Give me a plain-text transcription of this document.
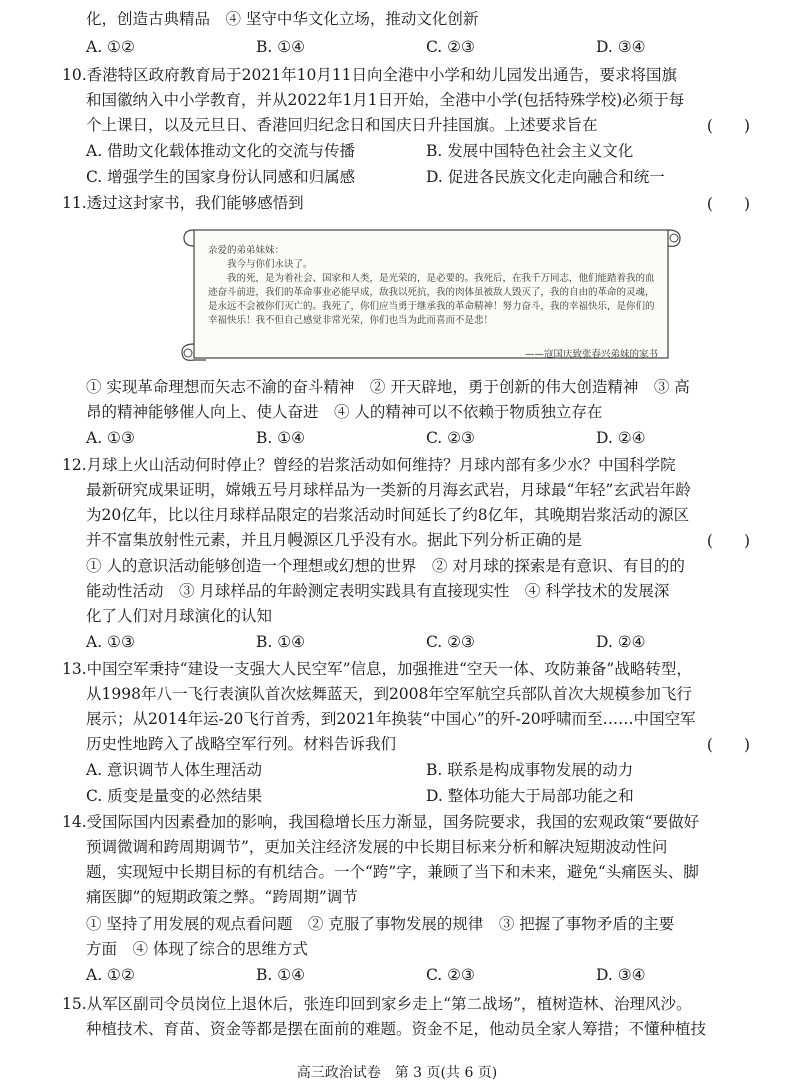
化，创造古典精品　④ 坚守中华文化立场，推动文化创新
10.香港特区政府教育局于2021年10月11日向全港中小学和幼儿园发出通告，要求将国旗
和国徽纳入中小学教育，并从2022年1月1日开始，全港中小学(包括特殊学校)必须于每
个上课日，以及元旦日、香港回归纪念日和国庆日升挂国旗。上述要求旨在
11.透过这封家书，我们能够感悟到
① 实现革命理想而矢志不渝的奋斗精神　② 开天辟地，勇于创新的伟大创造精神　③ 高
昂的精神能够催人向上、使人奋进　④ 人的精神可以不依赖于物质独立存在
12.月球上火山活动何时停止？曾经的岩浆活动如何维持？月球内部有多少水？中国科学院
最新研究成果证明，嫦娥五号月球样品为一类新的月海玄武岩，月球最“年轻”玄武岩年龄
为20亿年，比以往月球样品限定的岩浆活动时间延长了约8亿年，其晚期岩浆活动的源区
并不富集放射性元素，并且月幔源区几乎没有水。据此下列分析正确的是
① 人的意识活动能够创造一个理想或幻想的世界　② 对月球的探索是有意识、有目的的
能动性活动　③ 月球样品的年龄测定表明实践具有直接现实性　④ 科学技术的发展深
化了人们对月球演化的认知
13.中国空军秉持“建设一支强大人民空军”信息，加强推进“空天一体、攻防兼备”战略转型，
从1998年八一飞行表演队首次炫舞蓝天，到2008年空军航空兵部队首次大规模参加飞行
展示；从2014年运-20飞行首秀，到2021年换装“中国心”的歼-20呼啸而至……中国空军
历史性地跨入了战略空军行列。材料告诉我们
14.受国际国内因素叠加的影响，我国稳增长压力渐显，国务院要求，我国的宏观政策“要做好
预调微调和跨周期调节”，更加关注经济发展的中长期目标来分析和解决短期波动性问
题，实现短中长期目标的有机结合。一个“跨”字，兼顾了当下和未来，避免“头痛医头、脚
痛医脚”的短期政策之弊。“跨周期”调节
① 坚持了用发展的观点看问题　② 克服了事物发展的规律　③ 把握了事物矛盾的主要
方面　④ 体现了综合的思维方式
15.从军区副司令员岗位上退休后，张连印回到家乡走上“第二战场”，植树造林、治理风沙。
种植技术、育苗、资金等都是摆在面前的难题。资金不足，他动员全家人筹措；不懂种植技
(　　)
(　　)
(　　)
(　　)
A. ①②	B. ①④	C. ②③	D. ③④
A. 借助文化载体推动文化的交流与传播	B. 发展中国特色社会主义文化
C. 增强学生的国家身份认同感和归属感	D. 促进各民族文化走向融合和统一
A. ①③	B. ①④	C. ②③	D. ②④
A. ①③	B. ①④	C. ②③	D. ②④
A. 意识调节人体生理活动	B. 联系是构成事物发展的动力
C. 质变是量变的必然结果	D. 整体功能大于局部功能之和
A. ①②	B. ①④	C. ②③	D. ③④
亲爱的弟弟妹妹：
　　我今与你们永诀了。
　　我的死，是为着社会、国家和人类，是光荣的，是必要的。我死后，在我千万同志，他们能踏着我的血迹奋斗前进，我们的革命事业必能早成，敌我以死抗，我的肉体虽被敌人毁灭了，我的自由的革命的灵魂，是永远不会被你们灭亡的。我死了，你们应当勇于继承我的革命精神！努力奋斗，我的幸福快乐，是你们的幸福快乐！我不但自己感觉非常光荣，你们也当为此而喜而不是悲！
——寇国庆致张春兴弟妹的家书
高三政治试卷　第 3 页(共 6 页)
